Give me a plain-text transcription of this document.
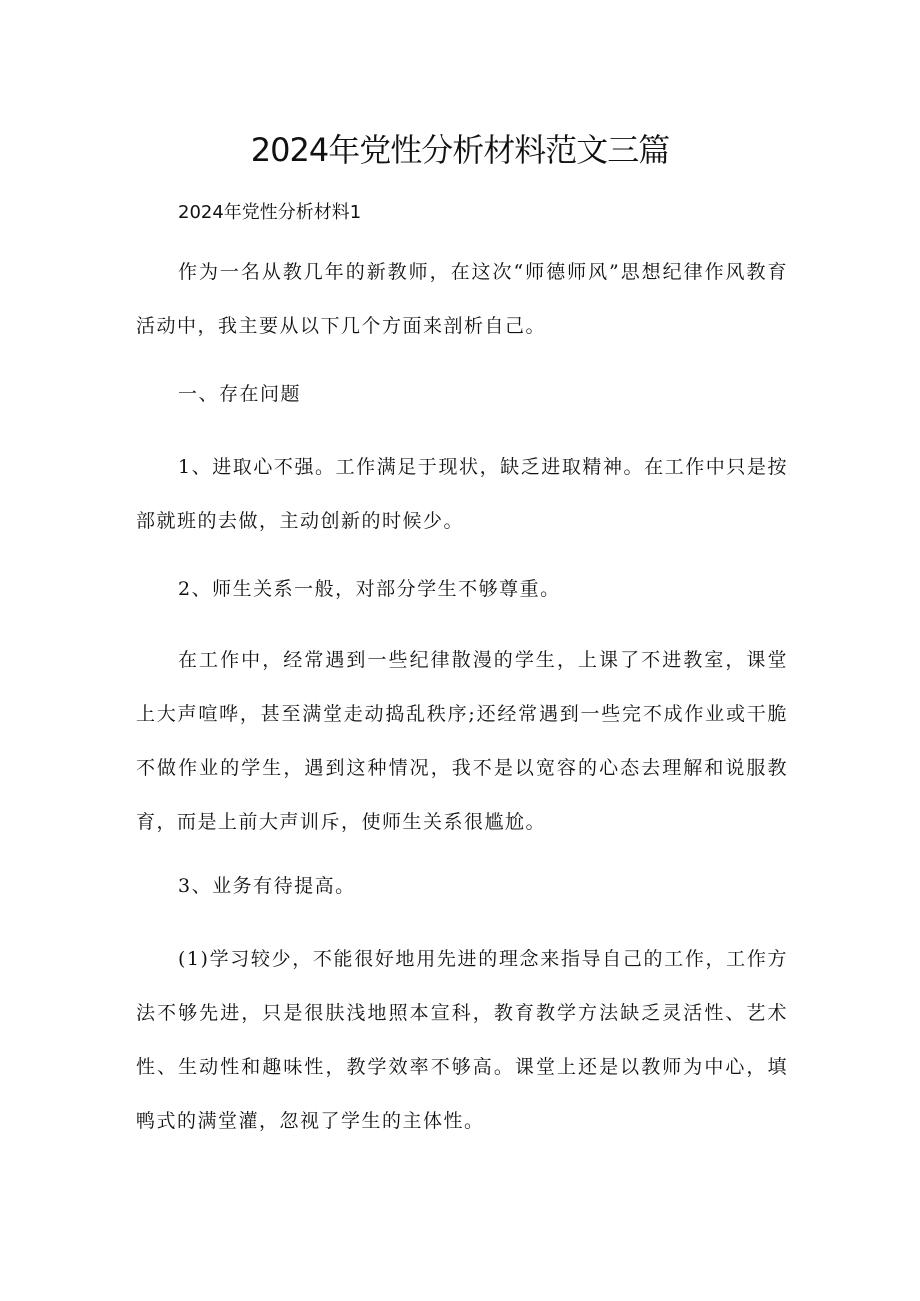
2024年党性分析材料范文三篇

2024年党性分析材料1

作为一名从教几年的新教师，在这次“师德师风”思想纪律作风教育活动中，我主要从以下几个方面来剖析自己。

一、存在问题

1、进取心不强。工作满足于现状，缺乏进取精神。在工作中只是按部就班的去做，主动创新的时候少。

2、师生关系一般，对部分学生不够尊重。

在工作中，经常遇到一些纪律散漫的学生，上课了不进教室，课堂上大声喧哗，甚至满堂走动捣乱秩序;还经常遇到一些完不成作业或干脆不做作业的学生，遇到这种情况，我不是以宽容的心态去理解和说服教育，而是上前大声训斥，使师生关系很尴尬。

3、业务有待提高。

(1)学习较少，不能很好地用先进的理念来指导自己的工作，工作方法不够先进，只是很肤浅地照本宣科，教育教学方法缺乏灵活性、艺术性、生动性和趣味性，教学效率不够高。课堂上还是以教师为中心，填鸭式的满堂灌，忽视了学生的主体性。
